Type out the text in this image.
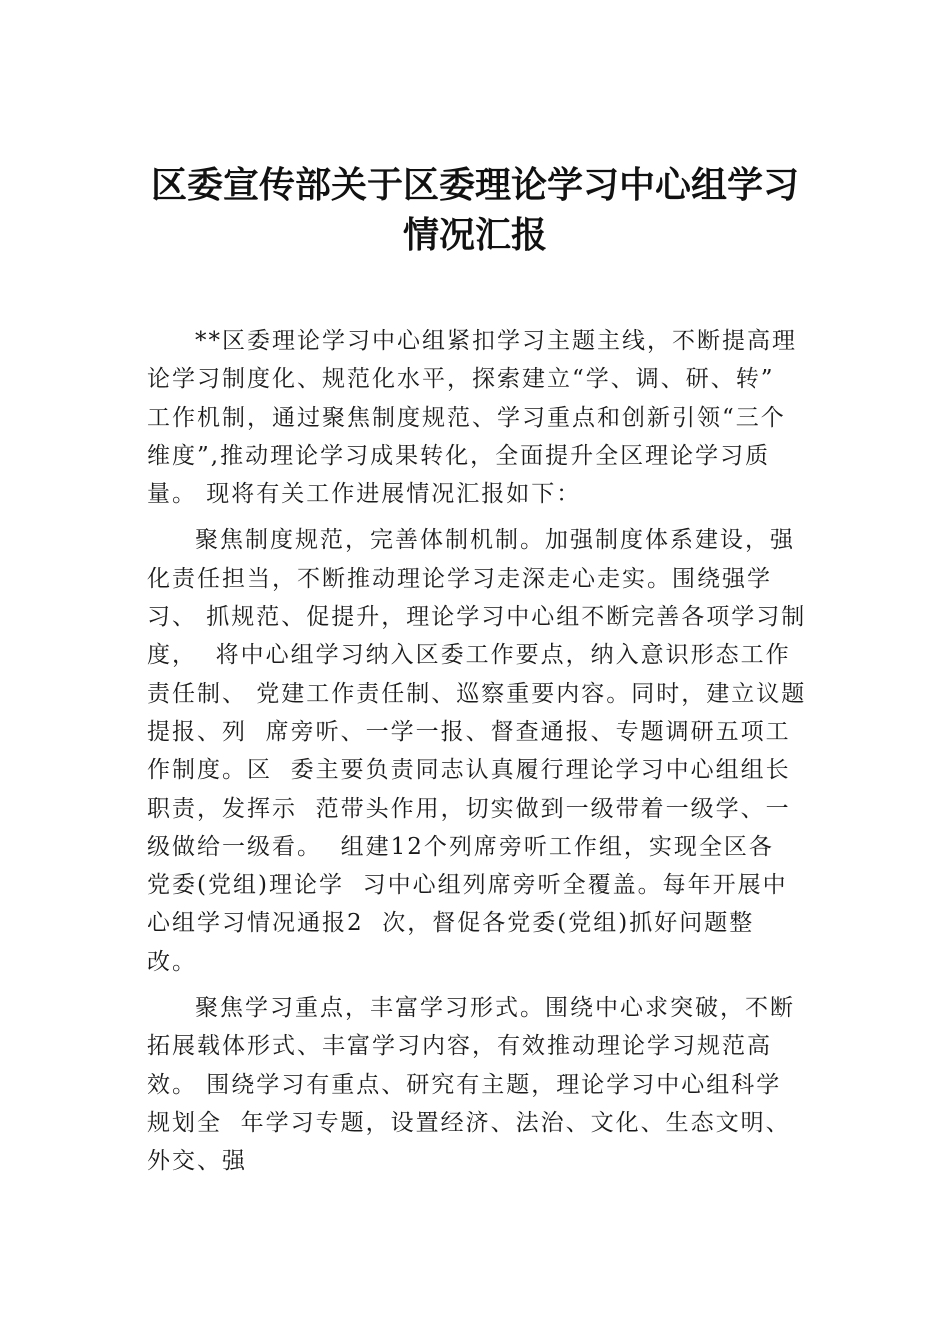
区委宣传部关于区委理论学习中心组学习
情况汇报
**区委理论学习中心组紧扣学习主题主线，不断提高理
论学习制度化、规范化水平，探索建立“学、调、研、转”
工作机制，通过聚焦制度规范、学习重点和创新引领“三个
维度”,推动理论学习成果转化，全面提升全区理论学习质
量。 现将有关工作进展情况汇报如下：
聚焦制度规范，完善体制机制。加强制度体系建设，强
化责任担当，不断推动理论学习走深走心走实。围绕强学
习、 抓规范、促提升，理论学习中心组不断完善各项学习制
度，  将中心组学习纳入区委工作要点，纳入意识形态工作
责任制、 党建工作责任制、巡察重要内容。同时，建立议题
提报、列  席旁听、一学一报、督查通报、专题调研五项工
作制度。区  委主要负责同志认真履行理论学习中心组组长
职责，发挥示  范带头作用，切实做到一级带着一级学、一
级做给一级看。  组建12个列席旁听工作组，实现全区各
党委(党组)理论学  习中心组列席旁听全覆盖。每年开展中
心组学习情况通报2  次，督促各党委(党组)抓好问题整
改。
聚焦学习重点，丰富学习形式。围绕中心求突破，不断
拓展载体形式、丰富学习内容，有效推动理论学习规范高
效。 围绕学习有重点、研究有主题，理论学习中心组科学
规划全  年学习专题，设置经济、法治、文化、生态文明、
外交、强
